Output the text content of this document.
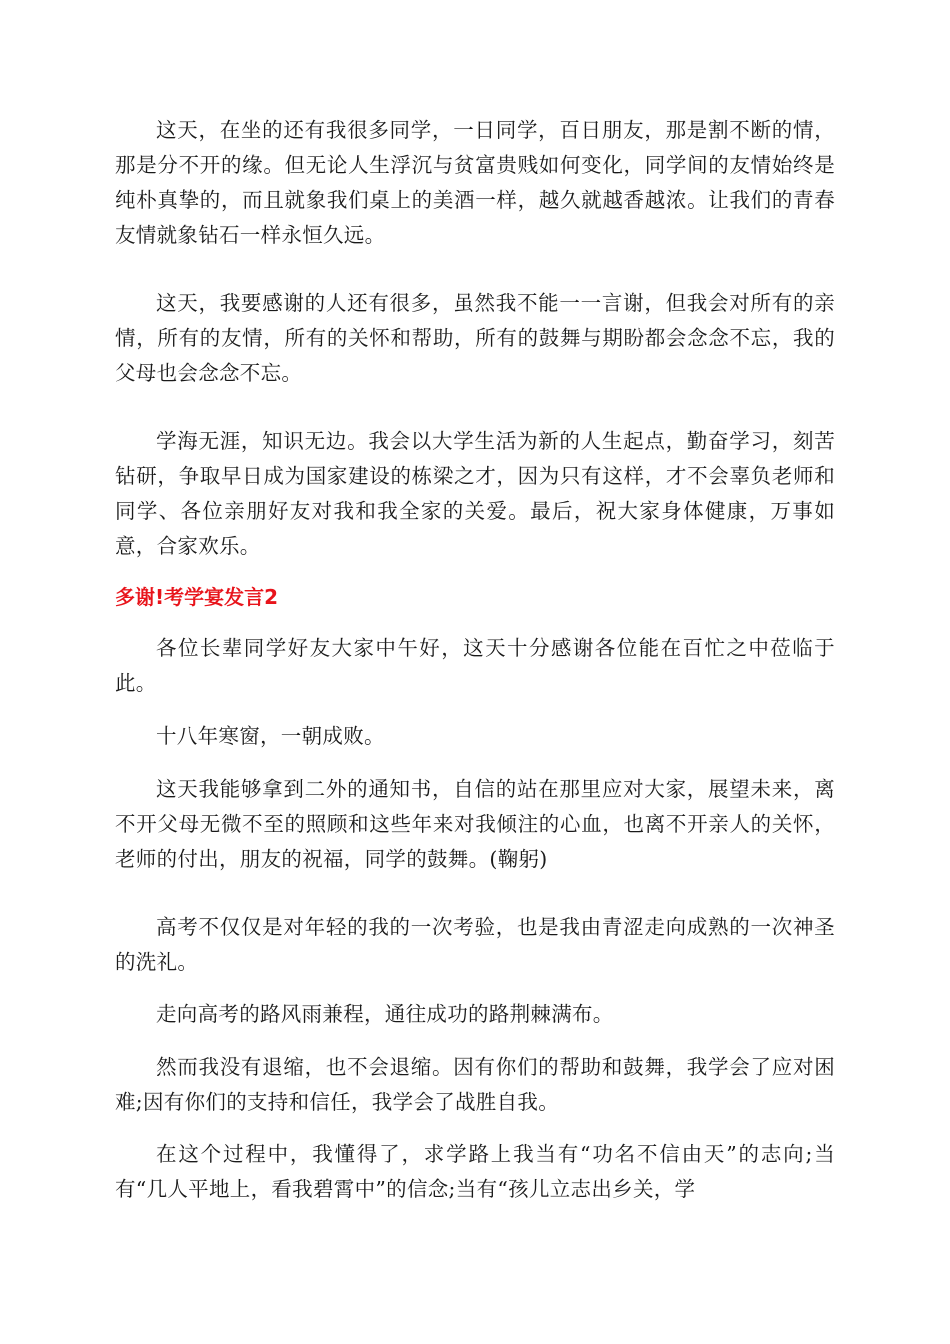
这天，在坐的还有我很多同学，一日同学，百日朋友，那是割不断的情，那是分不开的缘。但无论人生浮沉与贫富贵贱如何变化，同学间的友情始终是纯朴真挚的，而且就象我们桌上的美酒一样，越久就越香越浓。让我们的青春友情就象钻石一样永恒久远。

这天，我要感谢的人还有很多，虽然我不能一一言谢，但我会对所有的亲情，所有的友情，所有的关怀和帮助，所有的鼓舞与期盼都会念念不忘，我的父母也会念念不忘。

学海无涯，知识无边。我会以大学生活为新的人生起点，勤奋学习，刻苦钻研，争取早日成为国家建设的栋梁之才，因为只有这样，才不会辜负老师和同学、各位亲朋好友对我和我全家的关爱。最后，祝大家身体健康，万事如意，合家欢乐。

多谢!考学宴发言2

各位长辈同学好友大家中午好，这天十分感谢各位能在百忙之中莅临于此。

十八年寒窗，一朝成败。

这天我能够拿到二外的通知书，自信的站在那里应对大家，展望未来，离不开父母无微不至的照顾和这些年来对我倾注的心血，也离不开亲人的关怀，老师的付出，朋友的祝福，同学的鼓舞。(鞠躬)

高考不仅仅是对年轻的我的一次考验，也是我由青涩走向成熟的一次神圣的洗礼。

走向高考的路风雨兼程，通往成功的路荆棘满布。

然而我没有退缩，也不会退缩。因有你们的帮助和鼓舞，我学会了应对困难;因有你们的支持和信任，我学会了战胜自我。

在这个过程中，我懂得了，求学路上我当有“功名不信由天”的志向;当有“几人平地上，看我碧霄中”的信念;当有“孩儿立志出乡关，学
